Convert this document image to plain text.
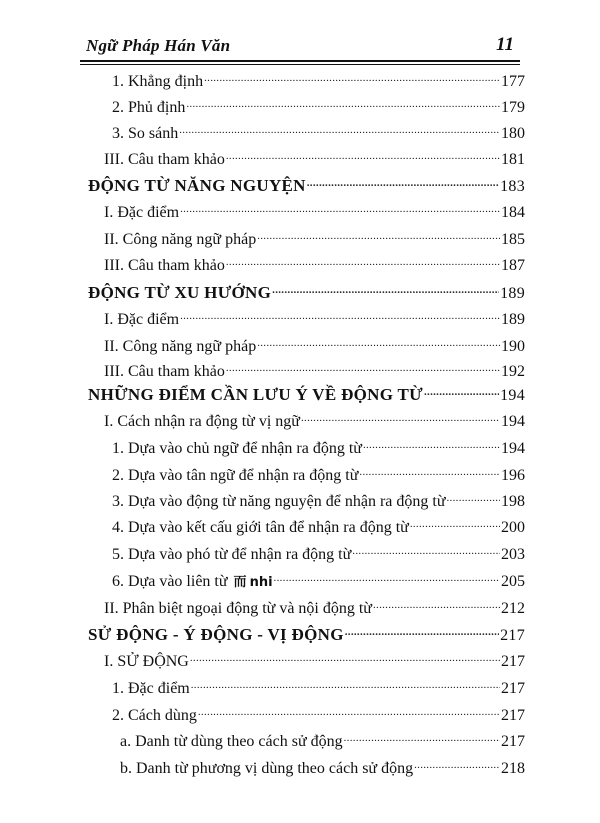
Ngữ Pháp Hán Văn	11
1. Khẳng định .....	177
2. Phủ định .....	179
3. So sánh .....	180
III. Câu tham khảo .....	181
ĐỘNG TỪ NĂNG NGUYỆN .....	183
I. Đặc điểm .....	184
II. Công năng ngữ pháp .....	185
III. Câu tham khảo .....	187
ĐỘNG TỪ XU HƯỚNG .....	189
I. Đặc điểm .....	189
II. Công năng ngữ pháp .....	190
III. Câu tham khảo .....	192
NHỮNG ĐIỂM CẦN LƯU Ý VỀ ĐỘNG TỪ .....	194
I. Cách nhận ra động từ vị ngữ .....	194
1. Dựa vào chủ ngữ để nhận ra động từ .....	194
2. Dựa vào tân ngữ để nhận ra động từ .....	196
3. Dựa vào động từ năng nguyện để nhận ra động từ .....	198
4. Dựa vào kết cấu giới tân để nhận ra động từ .....	200
5. Dựa vào phó từ để nhận ra động từ .....	203
6. Dựa vào liên từ 而 nhi .....	205
II. Phân biệt ngoại động từ và nội động từ .....	212
SỬ ĐỘNG - Ý ĐỘNG - VỊ ĐỘNG .....	217
I. SỬ ĐỘNG .....	217
1. Đặc điểm .....	217
2. Cách dùng .....	217
a. Danh từ dùng theo cách sử động .....	217
b. Danh từ phương vị dùng theo cách sử động .....	218
